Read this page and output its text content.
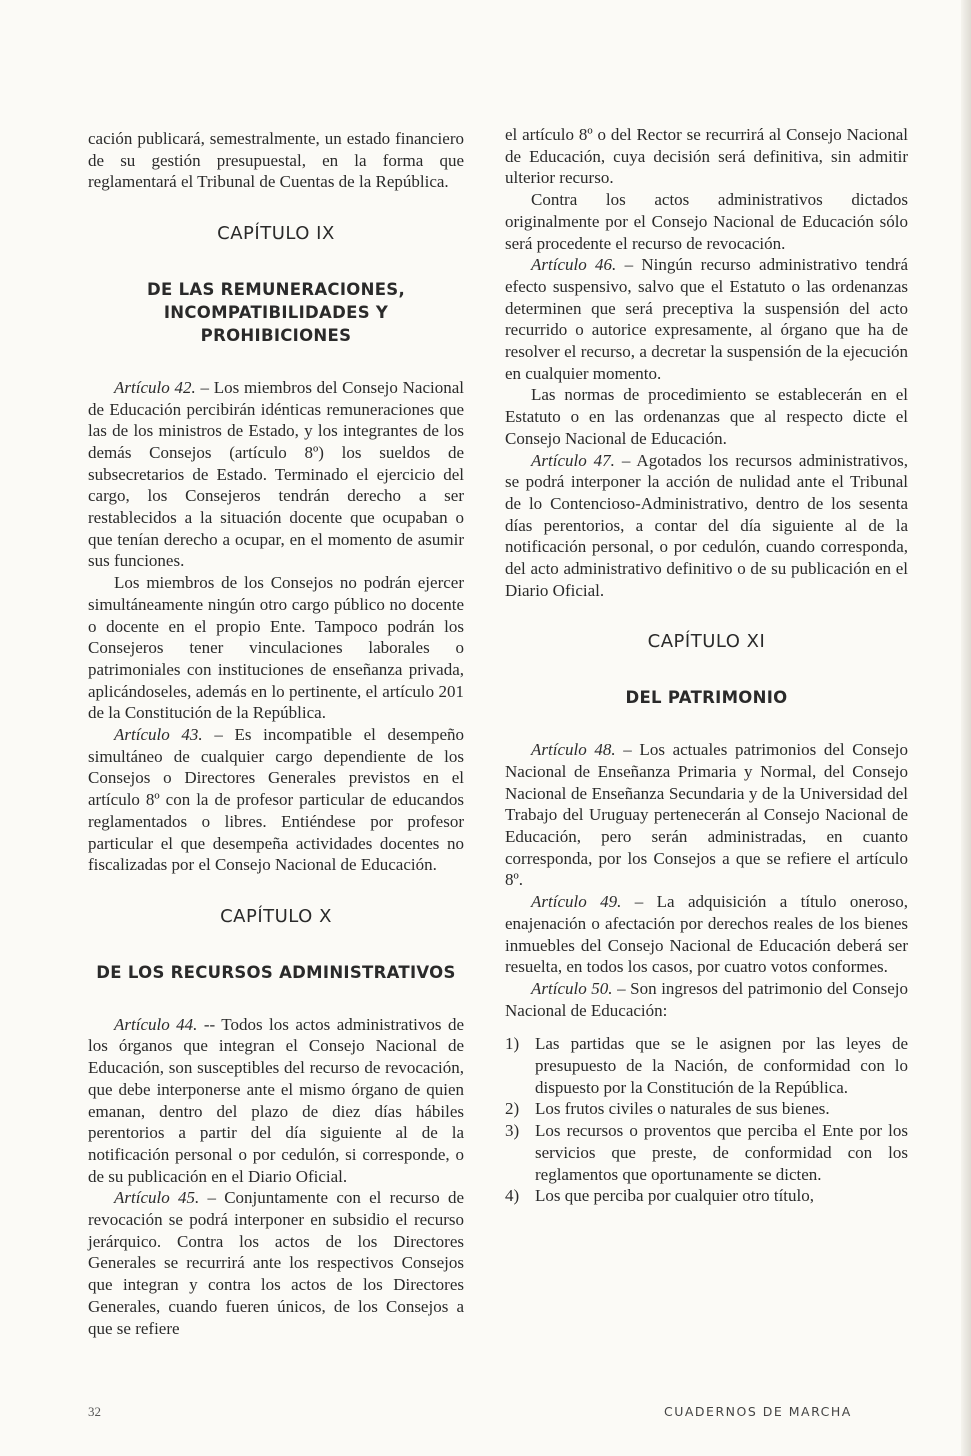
cación publicará, semestralmente, un estado financiero de su gestión presupuestal, en la forma que reglamentará el Tribunal de Cuentas de la República.

CAPÍTULO IX
DE LAS REMUNERACIONES,
INCOMPATIBILIDADES Y PROHIBICIONES

Artículo 42. – Los miembros del Consejo Nacional de Educación percibirán idénticas remuneraciones que las de los ministros de Estado, y los integrantes de los demás Consejos (artículo 8º) los sueldos de subsecretarios de Estado. Terminado el ejercicio del cargo, los Consejeros tendrán derecho a ser restablecidos a la situación docente que ocupaban o que tenían derecho a ocupar, en el momento de asumir sus funciones.

Los miembros de los Consejos no podrán ejercer simultáneamente ningún otro cargo público no docente o docente en el propio Ente. Tampoco podrán los Consejeros tener vinculaciones laborales o patrimoniales con instituciones de enseñanza privada, aplicándoseles, además en lo pertinente, el artículo 201 de la Constitución de la República.

Artículo 43. – Es incompatible el desempeño simultáneo de cualquier cargo dependiente de los Consejos o Directores Generales previstos en el artículo 8º con la de profesor particular de educandos reglamentados o libres. Entiéndese por profesor particular el que desempeña actividades docentes no fiscalizadas por el Consejo Nacional de Educación.

CAPÍTULO X
DE LOS RECURSOS ADMINISTRATIVOS

Artículo 44. -- Todos los actos administrativos de los órganos que integran el Consejo Nacional de Educación, son susceptibles del recurso de revocación, que debe interponerse ante el mismo órgano de quien emanan, dentro del plazo de diez días hábiles perentorios a partir del día siguiente al de la notificación personal o por cedulón, si corresponde, o de su publicación en el Diario Oficial.

Artículo 45. – Conjuntamente con el recurso de revocación se podrá interponer en subsidio el recurso jerárquico. Contra los actos de los Directores Generales se recurrirá ante los respectivos Consejos que integran y contra los actos de los Directores Generales, cuando fueren únicos, de los Consejos a que se refiere

el artículo 8º o del Rector se recurrirá al Consejo Nacional de Educación, cuya decisión será definitiva, sin admitir ulterior recurso.

Contra los actos administrativos dictados originalmente por el Consejo Nacional de Educación sólo será procedente el recurso de revocación.

Artículo 46. – Ningún recurso administrativo tendrá efecto suspensivo, salvo que el Estatuto o las ordenanzas determinen que será preceptiva la suspensión del acto recurrido o autorice expresamente, al órgano que ha de resolver el recurso, a decretar la suspensión de la ejecución en cualquier momento.

Las normas de procedimiento se establecerán en el Estatuto o en las ordenanzas que al respecto dicte el Consejo Nacional de Educación.

Artículo 47. – Agotados los recursos administrativos, se podrá interponer la acción de nulidad ante el Tribunal de lo Contencioso-Administrativo, dentro de los sesenta días perentorios, a contar del día siguiente al de la notificación personal, o por cedulón, cuando corresponda, del acto administrativo definitivo o de su publicación en el Diario Oficial.

CAPÍTULO XI
DEL PATRIMONIO

Artículo 48. – Los actuales patrimonios del Consejo Nacional de Enseñanza Primaria y Normal, del Consejo Nacional de Enseñanza Secundaria y de la Universidad del Trabajo del Uruguay pertenecerán al Consejo Nacional de Educación, pero serán administradas, en cuanto corresponda, por los Consejos a que se refiere el artículo 8º.

Artículo 49. – La adquisición a título oneroso, enajenación o afectación por derechos reales de los bienes inmuebles del Consejo Nacional de Educación deberá ser resuelta, en todos los casos, por cuatro votos conformes.

Artículo 50. – Son ingresos del patrimonio del Consejo Nacional de Educación:

1) Las partidas que se le asignen por las leyes de presupuesto de la Nación, de conformidad con lo dispuesto por la Constitución de la República.
2) Los frutos civiles o naturales de sus bienes.
3) Los recursos o proventos que perciba el Ente por los servicios que preste, de conformidad con los reglamentos que oportunamente se dicten.
4) Los que perciba por cualquier otro título,
32	CUADERNOS DE MARCHA
